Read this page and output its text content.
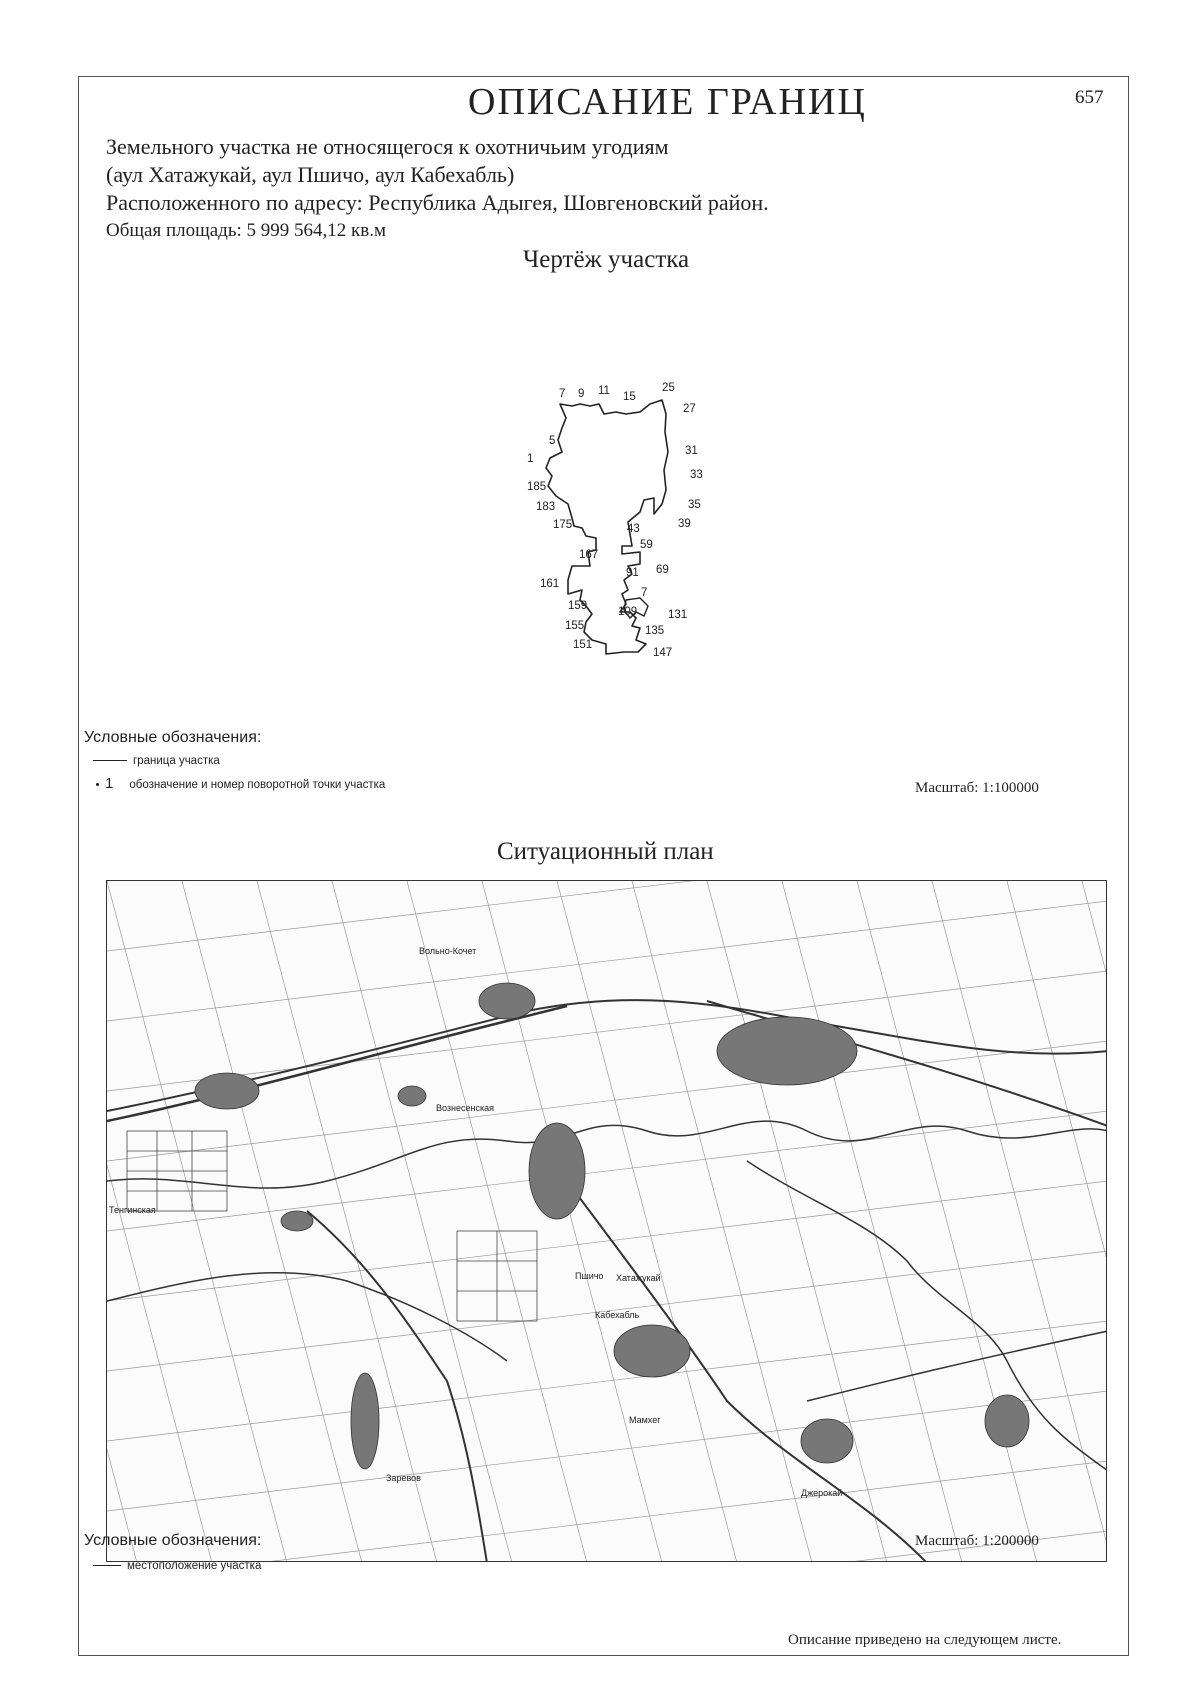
ОПИСАНИЕ ГРАНИЦ	657
Земельного участка не относящегося к охотничьим угодиям
(аул Хатажукай, аул Пшичо, аул Кабехабль)
Расположенного по адресу: Республика Адыгея, Шовгеновский район.
Общая площадь: 5 999 564,12 кв.м
Чертёж участка
7 9 11 15
25
27
5
1
31
33
185
183	35
175	43	39
59
167
91 69
161
7
159	109	131
155	135
151
147
Условные обозначения:
граница участка
1 обозначение и номер поворотной точки участка	Масштаб: 1:100000
Ситуационный план
Вольно-Кочет
Вознесенская
Тенгинская
Хатажукай
Пшичо
Кабехабль
Мамхег
Джерокай
Заревов
Условные обозначения:
местоположение участка
Масштаб: 1:200000
Описание приведено на следующем листе.
